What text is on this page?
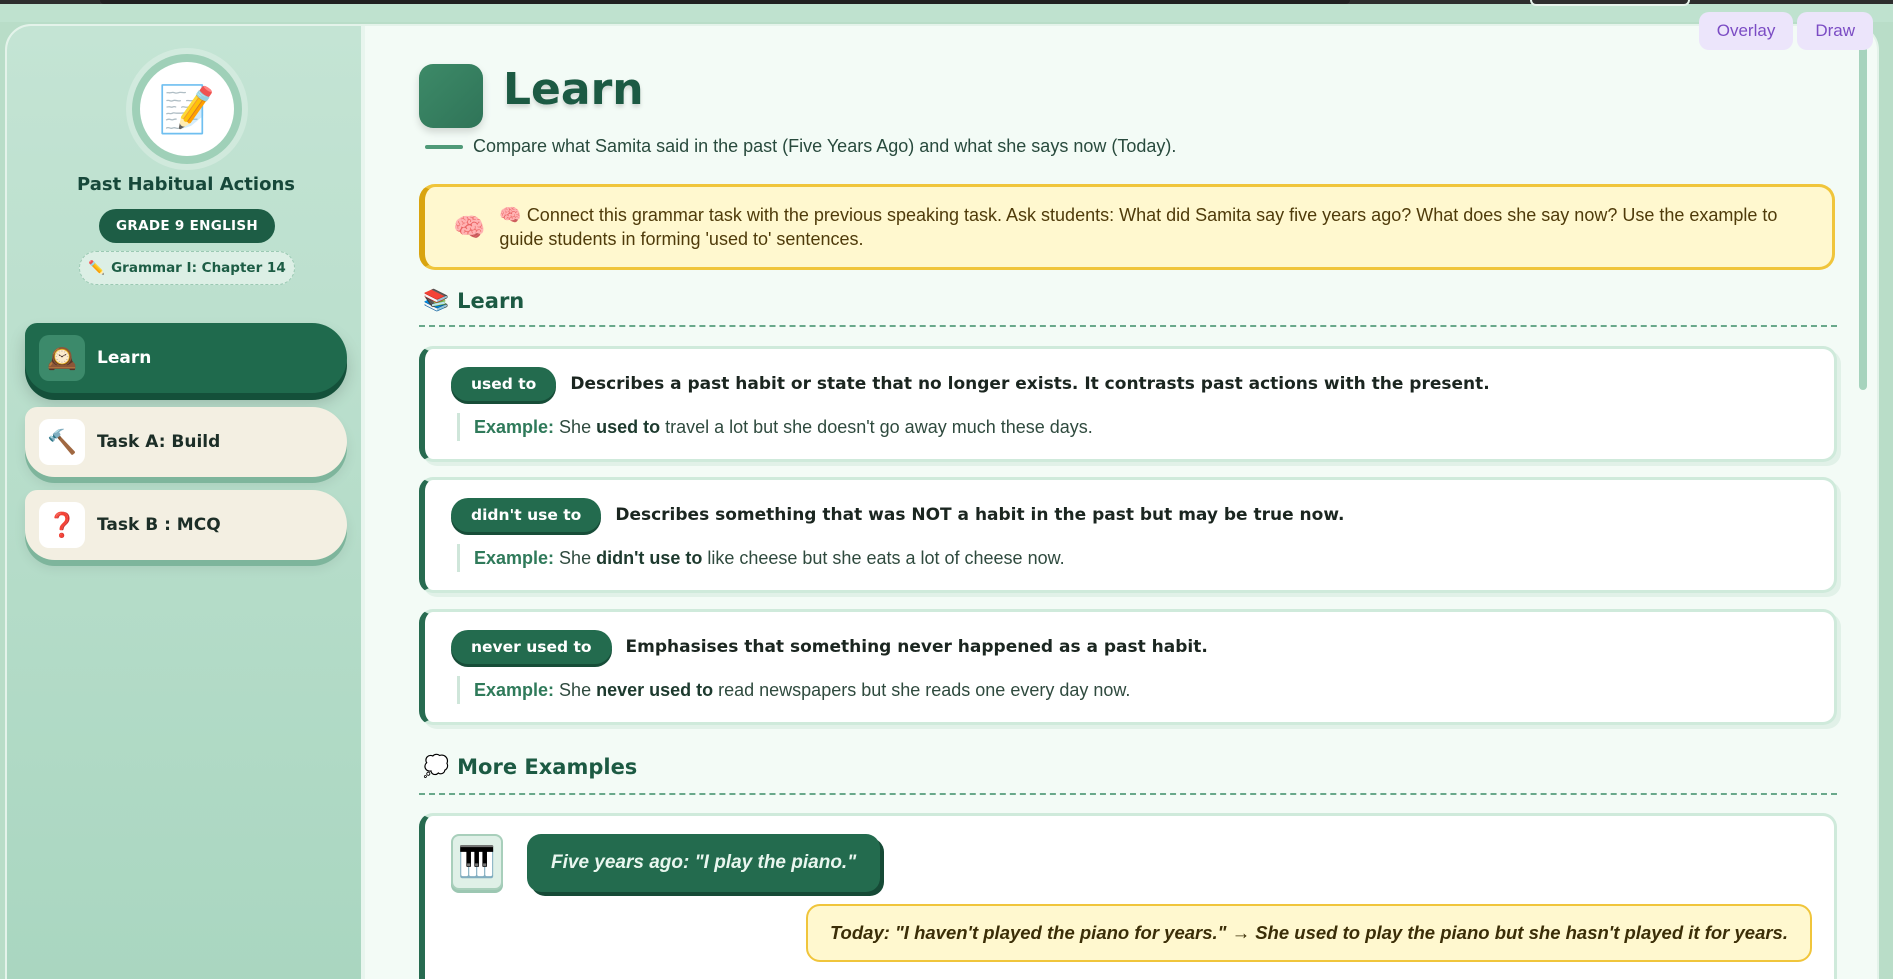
Overlay	Draw
📝
Past Habitual Actions
GRADE 9 ENGLISH
✏️ Grammar I: Chapter 14
🕰️	Learn
🔨	Task A: Build
❓	Task B : MCQ
Learn

Compare what Samita said in the past (Five Years Ago) and what she says now (Today).

🧠 🧠 Connect this grammar task with the previous speaking task. Ask students: What did Samita say five years ago? What does she say now? Use the example to guide students in forming 'used to' sentences.
📚 Learn
used to	Describes a past habit or state that no longer exists. It contrasts past actions with the present.
Example: She used to travel a lot but she doesn't go away much these days.
didn't use to	Describes something that was NOT a habit in the past but may be true now.
Example: She didn't use to like cheese but she eats a lot of cheese now.
never used to	Emphasises that something never happened as a past habit.
Example: She never used to read newspapers but she reads one every day now.
💭 More Examples
🎹	Five years ago: "I play the piano."
Today: "I haven't played the piano for years." → She used to play the piano but she hasn't played it for years.
